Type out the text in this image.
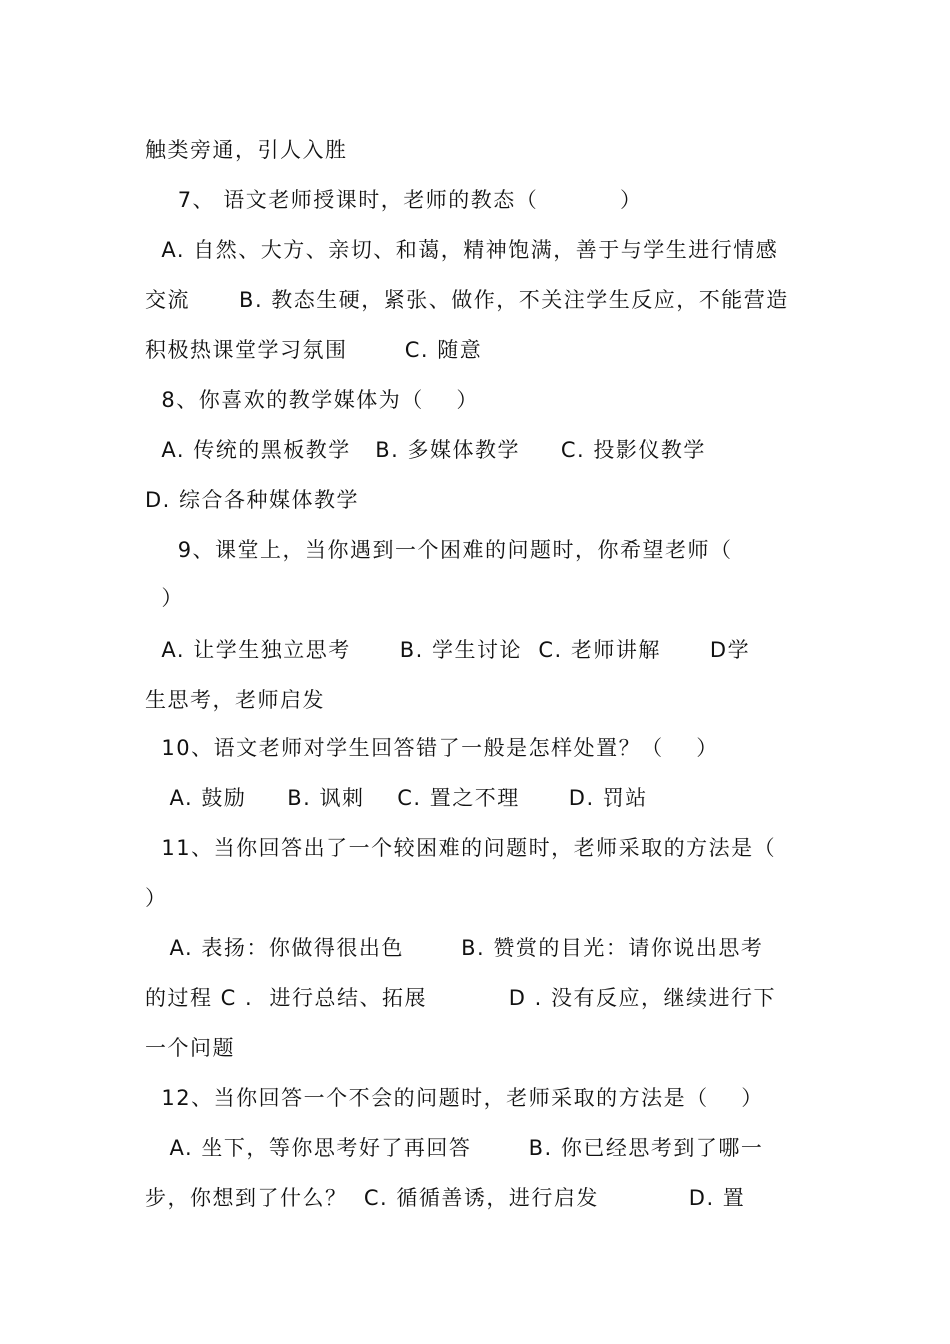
触类旁通，引人入胜
7、 语文老师授课时，老师的教态（          ）
A. 自然、大方、亲切、和蔼，精神饱满，善于与学生进行情感
交流      B. 教态生硬，紧张、做作，不关注学生反应，不能营造
积极热课堂学习氛围       C. 随意
8、你喜欢的教学媒体为（    ）
A. 传统的黑板教学   B. 多媒体教学     C. 投影仪教学
D. 综合各种媒体教学
9、课堂上，当你遇到一个困难的问题时，你希望老师（
）
A. 让学生独立思考      B. 学生讨论  C. 老师讲解      D学
生思考，老师启发
10、语文老师对学生回答错了一般是怎样处置？（    ）
A. 鼓励     B. 讽刺    C. 置之不理      D. 罚站
11、当你回答出了一个较困难的问题时，老师采取的方法是（
）
A. 表扬：你做得很出色       B. 赞赏的目光：请你说出思考
的过程 C .  进行总结、拓展          D . 没有反应，继续进行下
一个问题
12、当你回答一个不会的问题时，老师采取的方法是（    ）
A. 坐下，等你思考好了再回答       B. 你已经思考到了哪一
步，你想到了什么？  C. 循循善诱，进行启发           D. 置
